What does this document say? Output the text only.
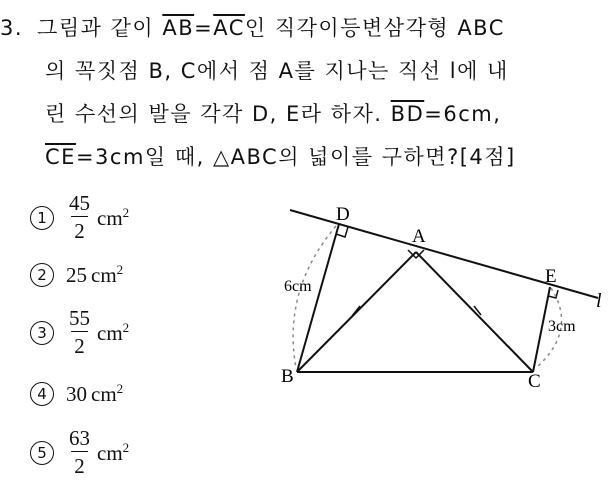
3. 그림과 같이 $\overline{AB}=\overline{AC}$인 직각이등변삼각형 ABC
의 꼭짓점 B, C에서 점 A를 지나는 직선 l에 내
린 수선의 발을 각각 D, E라 하자. $\overline{BD}=6cm$,
$\overline{CE}=3cm$일 때, △ABC의 넓이를 구하면?[4점]
$1 \frac{45}{2} cm^2$
2 25 $cm^2$
$3 \frac{55}{2} cm^2$
4 30 $cm^2$
$5 \frac{63}{2} cm^2$
A
B	C
D
E
l
6cm
3cm
